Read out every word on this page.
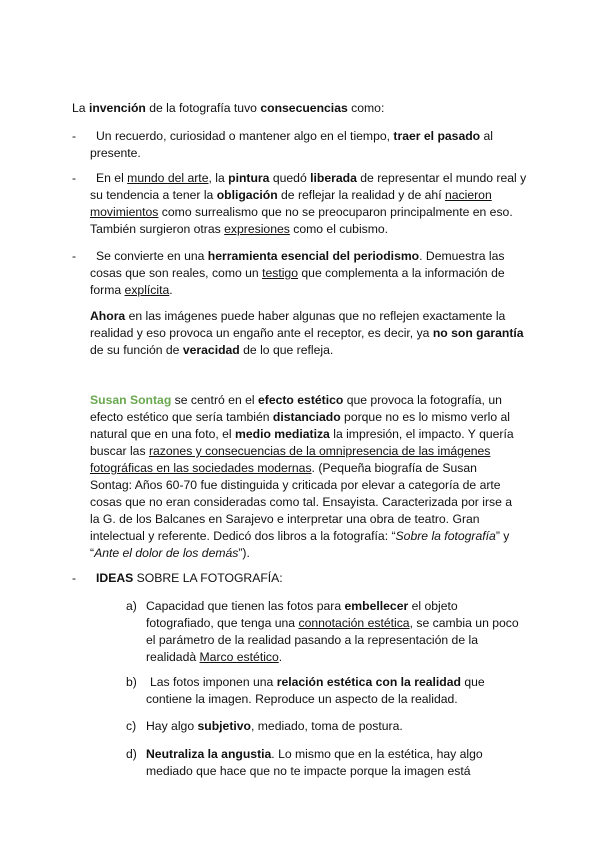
La invención de la fotografía tuvo consecuencias como:

-	Un recuerdo, curiosidad o mantener algo en el tiempo, traer el pasado al presente.

-	En el mundo del arte, la pintura quedó liberada de representar el mundo real y su tendencia a tener la obligación de reflejar la realidad y de ahí nacieron movimientos como surrealismo que no se preocuparon principalmente en eso. También surgieron otras expresiones como el cubismo.

-	Se convierte en una herramienta esencial del periodismo. Demuestra las cosas que son reales, como un testigo que complementa a la información de forma explícita.

Ahora en las imágenes puede haber algunas que no reflejen exactamente la realidad y eso provoca un engaño ante el receptor, es decir, ya no son garantía de su función de veracidad de lo que refleja.

Susan Sontag se centró en el efecto estético que provoca la fotografía, un efecto estético que sería también distanciado porque no es lo mismo verlo al natural que en una foto, el medio mediatiza la impresión, el impacto. Y quería buscar las razones y consecuencias de la omnipresencia de las imágenes fotográficas en las sociedades modernas. (Pequeña biografía de Susan Sontag: Años 60-70 fue distinguida y criticada por elevar a categoría de arte cosas que no eran consideradas como tal. Ensayista. Caracterizada por irse a la G. de los Balcanes en Sarajevo e interpretar una obra de teatro. Gran intelectual y referente. Dedicó dos libros a la fotografía: “Sobre la fotografía” y “Ante el dolor de los demás”).

- IDEAS SOBRE LA FOTOGRAFÍA:

a) Capacidad que tienen las fotos para embellecer el objeto fotografiado, que tenga una connotación estética, se cambia un poco el parámetro de la realidad pasando a la representación de la realidadà Marco estético.

b)	Las fotos imponen una relación estética con la realidad que contiene la imagen. Reproduce un aspecto de la realidad.

c) Hay algo subjetivo, mediado, toma de postura.

d) Neutraliza la angustia. Lo mismo que en la estética, hay algo mediado que hace que no te impacte porque la imagen está
